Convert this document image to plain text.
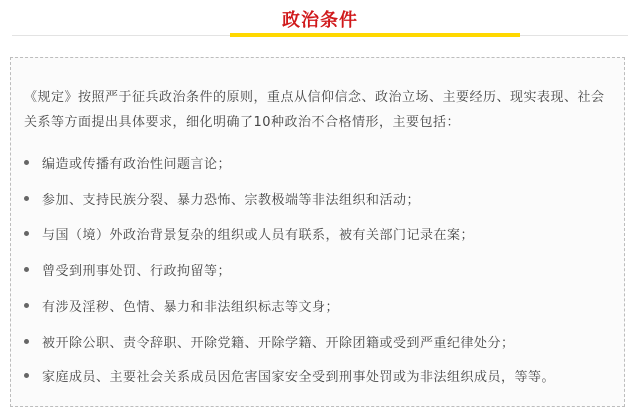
政治条件

《规定》按照严于征兵政治条件的原则，重点从信仰信念、政治立场、主要经历、现实表现、社会关系等方面提出具体要求，细化明确了10种政治不合格情形，主要包括：

编造或传播有政治性问题言论；
参加、支持民族分裂、暴力恐怖、宗教极端等非法组织和活动；
与国（境）外政治背景复杂的组织或人员有联系，被有关部门记录在案；
曾受到刑事处罚、行政拘留等；
有涉及淫秽、色情、暴力和非法组织标志等文身；
被开除公职、责令辞职、开除党籍、开除学籍、开除团籍或受到严重纪律处分；
家庭成员、主要社会关系成员因危害国家安全受到刑事处罚或为非法组织成员，等等。
